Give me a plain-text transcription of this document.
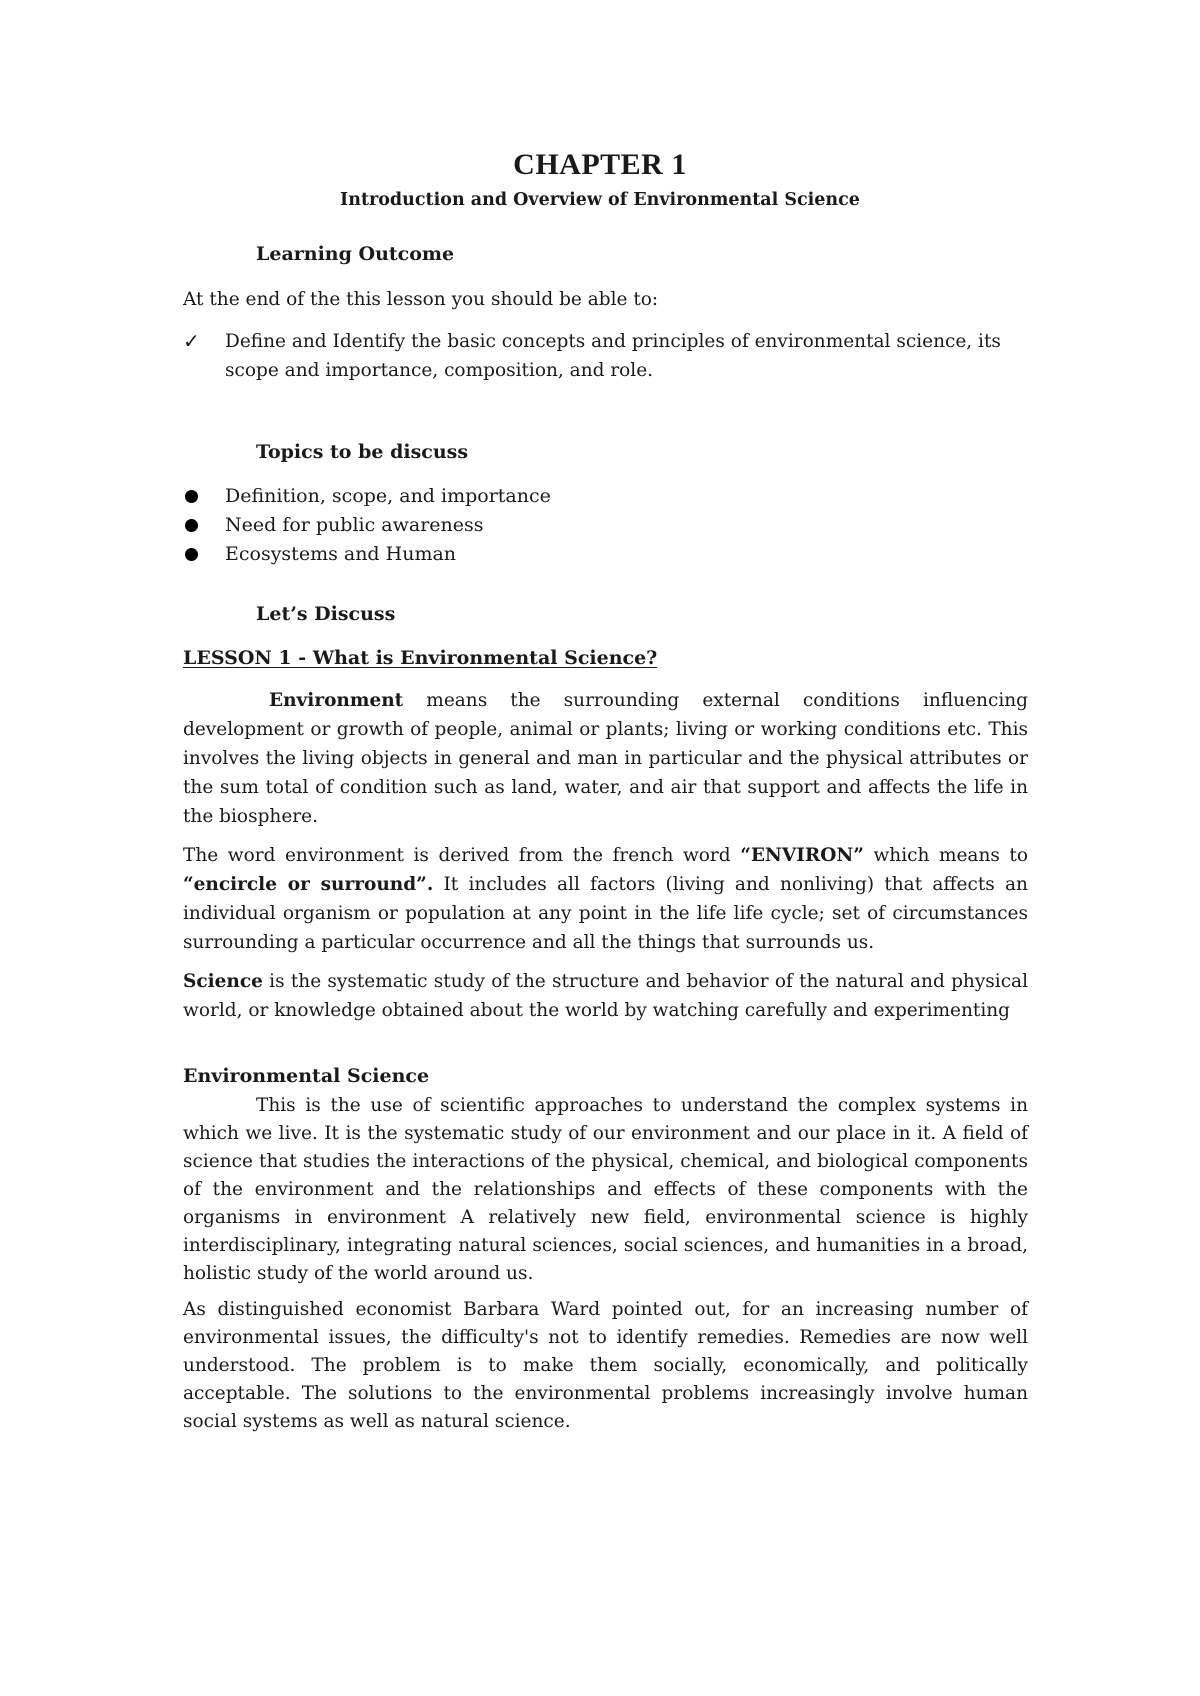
CHAPTER 1
Introduction and Overview of Environmental Science
Learning Outcome
At the end of the this lesson you should be able to:
✓	Define and Identify the basic concepts and principles of environmental science, its scope and importance, composition, and role.
Topics to be discuss
Definition, scope, and importance
Need for public awareness
Ecosystems and Human
Let’s Discuss
LESSON 1 - What is Environmental Science?

Environment means the surrounding external conditions influencing development or growth of people, animal or plants; living or working conditions etc. This involves the living objects in general and man in particular and the physical attributes or the sum total of condition such as land, water, and air that support and affects the life in the biosphere.

The word environment is derived from the french word “ENVIRON” which means to “encircle or surround”. It includes all factors (living and nonliving) that affects an individual organism or population at any point in the life life cycle; set of circumstances surrounding a particular occurrence and all the things that surrounds us.

Science is the systematic study of the structure and behavior of the natural and physical world, or knowledge obtained about the world by watching carefully and experimenting

Environmental Science

This is the use of scientific approaches to understand the complex systems in which we live. It is the systematic study of our environment and our place in it. A field of science that studies the interactions of the physical, chemical, and biological components of the environment and the relationships and effects of these components with the organisms in environment A relatively new field, environmental science is highly interdisciplinary, integrating natural sciences, social sciences, and humanities in a broad, holistic study of the world around us.

As distinguished economist Barbara Ward pointed out, for an increasing number of environmental issues, the difficulty's not to identify remedies. Remedies are now well understood. The problem is to make them socially, economically, and politically acceptable. The solutions to the environmental problems increasingly involve human social systems as well as natural science.
